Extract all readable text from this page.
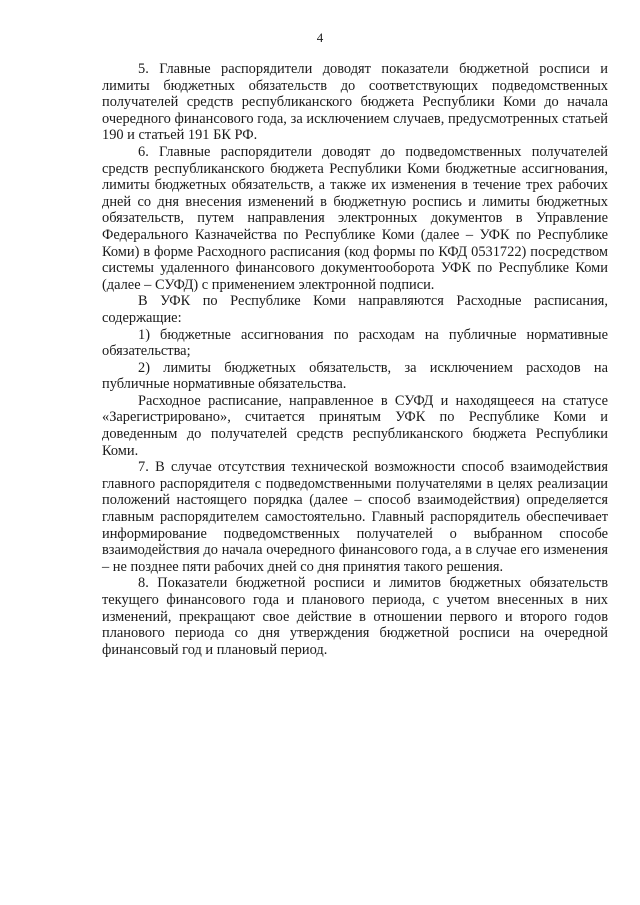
4

5. Главные распорядители доводят показатели бюджетной росписи и лимиты бюджетных обязательств до соответствующих подведомственных получателей средств республиканского бюджета Республики Коми до начала очередного финансового года, за исключением случаев, предусмотренных статьей 190 и статьей 191 БК РФ.

6. Главные распорядители доводят до подведомственных получателей средств республиканского бюджета Республики Коми бюджетные ассигнования, лимиты бюджетных обязательств, а также их изменения в течение трех рабочих дней со дня внесения изменений в бюджетную роспись и лимиты бюджетных обязательств, путем направления электронных документов в Управление Федерального Казначейства по Республике Коми (далее – УФК по Республике Коми) в форме Расходного расписания (код формы по КФД 0531722) посредством системы удаленного финансового документооборота УФК по Республике Коми (далее – СУФД) с применением электронной подписи.

В УФК по Республике Коми направляются Расходные расписания, содержащие:

1) бюджетные ассигнования по расходам на публичные нормативные обязательства;

2) лимиты бюджетных обязательств, за исключением расходов на публичные нормативные обязательства.

Расходное расписание, направленное в СУФД и находящееся на статусе «Зарегистрировано», считается принятым УФК по Республике Коми и доведенным до получателей средств республиканского бюджета Республики Коми.

7. В случае отсутствия технической возможности способ взаимодействия главного распорядителя с подведомственными получателями в целях реализации положений настоящего порядка (далее – способ взаимодействия) определяется главным распорядителем самостоятельно. Главный распорядитель обеспечивает информирование подведомственных получателей о выбранном способе взаимодействия до начала очередного финансового года, а в случае его изменения – не позднее пяти рабочих дней со дня принятия такого решения.

8. Показатели бюджетной росписи и лимитов бюджетных обязательств текущего финансового года и планового периода, с учетом внесенных в них изменений, прекращают свое действие в отношении первого и второго годов планового периода со дня утверждения бюджетной росписи на очередной финансовый год и плановый период.
